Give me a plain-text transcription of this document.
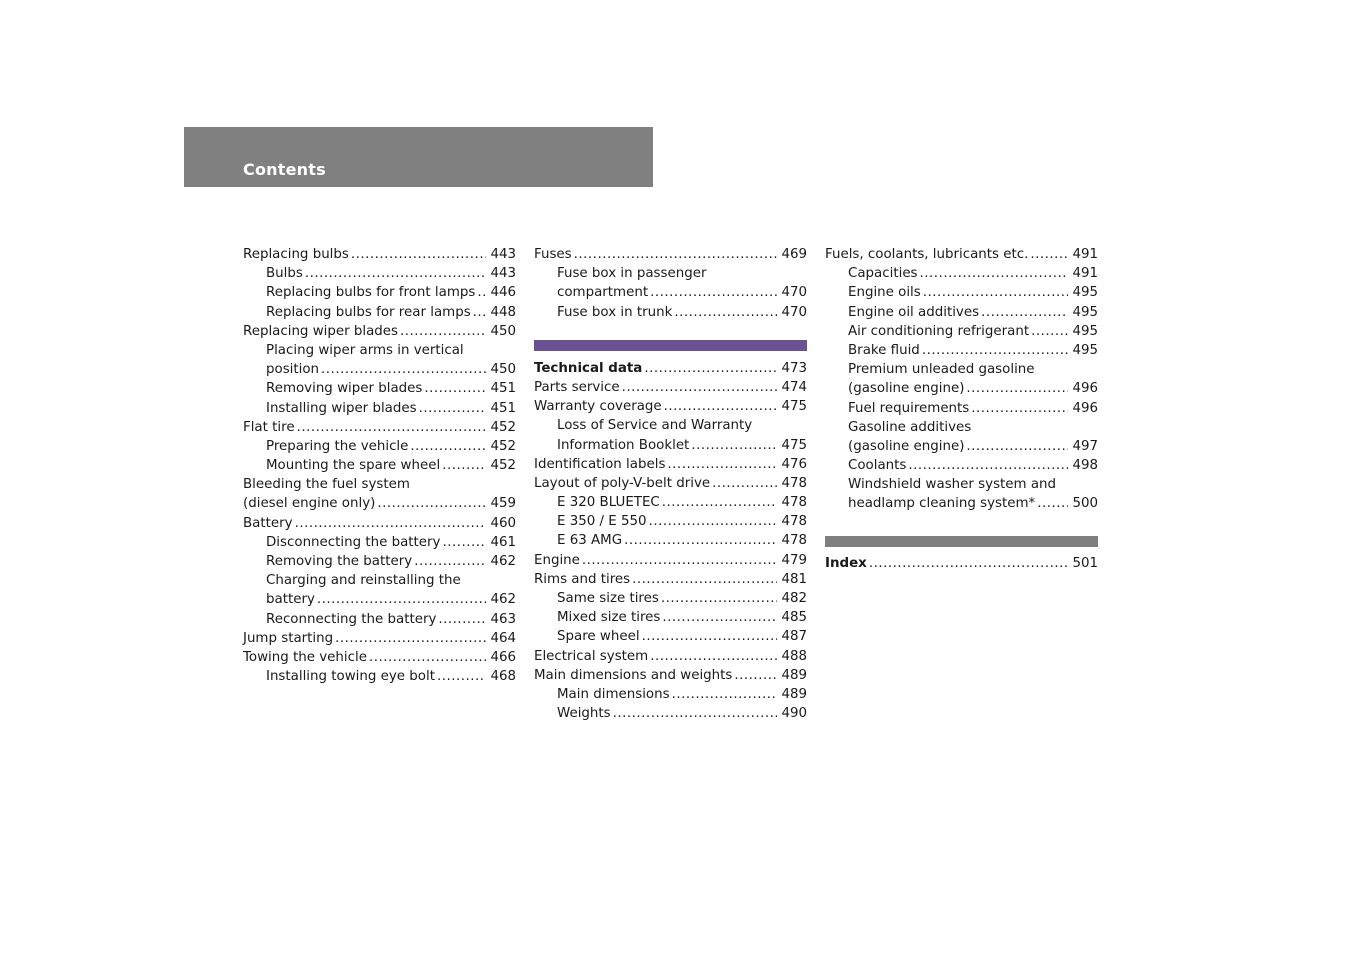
Contents
Replacing bulbs .....	443
Bulbs .....	443
Replacing bulbs for front lamps ..... 446
Replacing bulbs for rear lamps ..... 448
Replacing wiper blades .....	450
Placing wiper arms in vertical
position .....	450
Removing wiper blades .....	451
Installing wiper blades .....	451
Flat tire .....	452
Preparing the vehicle .....	452
Mounting the spare wheel .....	452
Bleeding the fuel system
(diesel engine only) .....	459
Battery .....	460
Disconnecting the battery .....	461
Removing the battery .....	462
Charging and reinstalling the
battery .....	462
Reconnecting the battery .....	463
Jump starting .....	464
Towing the vehicle .....	466
Installing towing eye bolt .....	468
Fuses .....	469
Fuse box in passenger
compartment .....	470
Fuse box in trunk .....	470
Technical data .....	473
Parts service .....	474
Warranty coverage .....	475
Loss of Service and Warranty
Information Booklet .....	475
Identification labels .....	476
Layout of poly-V-belt drive .....	478
E 320 BLUETEC .....	478
E 350 / E 550 .....	478
E 63 AMG .....	478
Engine .....	479
Rims and tires .....	481
Same size tires .....	482
Mixed size tires .....	485
Spare wheel .....	487
Electrical system .....	488
Main dimensions and weights .....	489
Main dimensions .....	489
Weights .....	490
Fuels, coolants, lubricants etc. .....	491
Capacities .....	491
Engine oils .....	495
Engine oil additives .....	495
Air conditioning refrigerant .....	495
Brake fluid .....	495
Premium unleaded gasoline
(gasoline engine) .....	496
Fuel requirements .....	496
Gasoline additives
(gasoline engine) .....	497
Coolants .....	498
Windshield washer system and
headlamp cleaning system* .....	500
Index .....	501
